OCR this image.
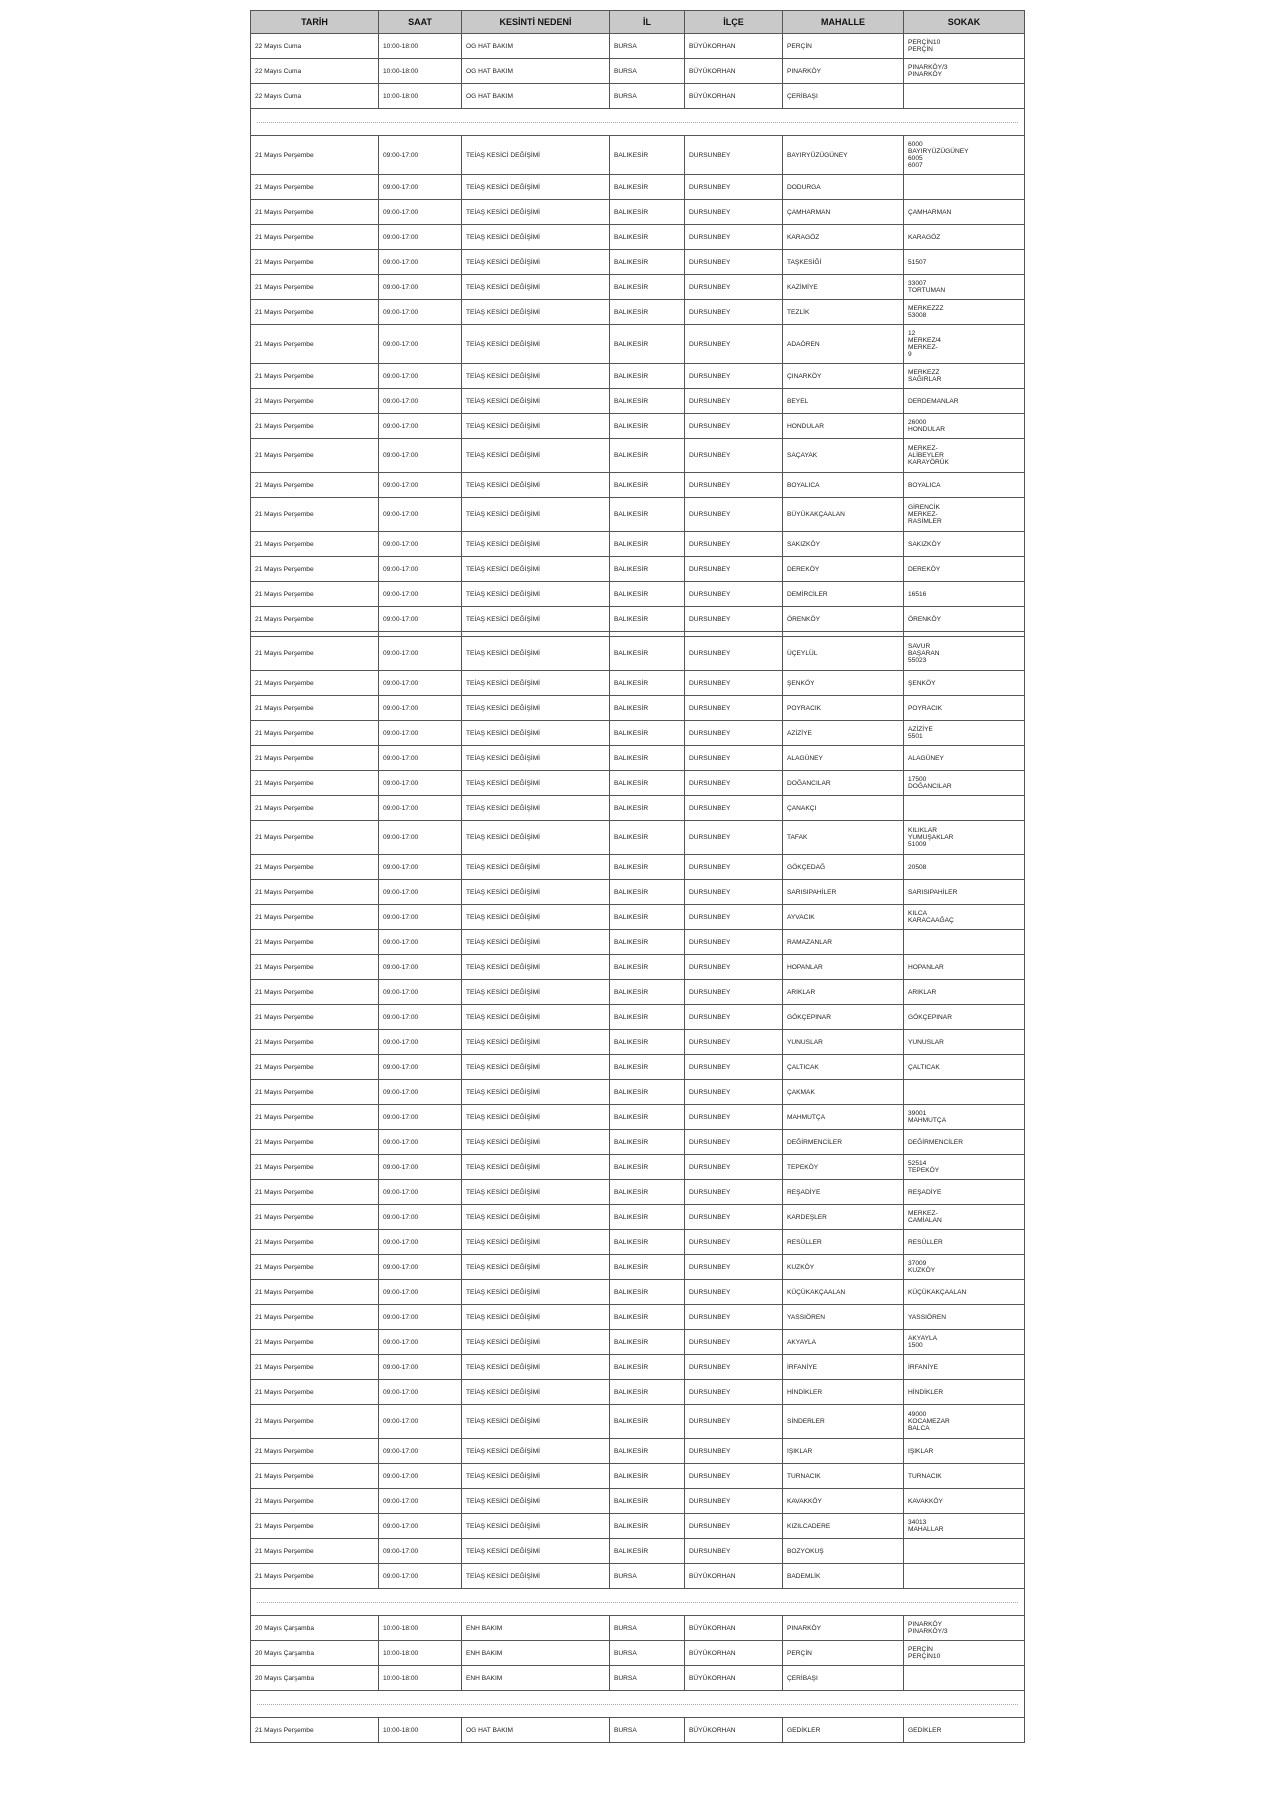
TARİH	SAAT	KESİNTİ NEDENİ	İL	İLÇE	MAHALLE	SOKAK
22 Mayıs Cuma	10:00-18:00	OG HAT BAKIM	BURSA	BÜYÜKORHAN	PERÇİN	PERÇİN10
PERÇİN

22 Mayıs Cuma	10:00-18:00	OG HAT BAKIM	BURSA	BÜYÜKORHAN	PINARKÖY	PINARKÖY/3
PINARKÖY

22 Mayıs Cuma	10:00-18:00	OG HAT BAKIM	BURSA	BÜYÜKORHAN	ÇERİBAŞI	

21 Mayıs Perşembe	09:00-17:00	TEİAŞ KESİCİ DEĞİŞİMİ	BALIKESİR	DURSUNBEY	BAYIRYÜZÜGÜNEY	6000
BAYIRYÜZÜGÜNEY
6005
6007

21 Mayıs Perşembe	09:00-17:00	TEİAŞ KESİCİ DEĞİŞİMİ	BALIKESİR	DURSUNBEY	DODURGA	
21 Mayıs Perşembe	09:00-17:00	TEİAŞ KESİCİ DEĞİŞİMİ	BALIKESİR	DURSUNBEY	ÇAMHARMAN	ÇAMHARMAN

21 Mayıs Perşembe	09:00-17:00	TEİAŞ KESİCİ DEĞİŞİMİ	BALIKESİR	DURSUNBEY	KARAGÖZ	KARAGÖZ

21 Mayıs Perşembe	09:00-17:00	TEİAŞ KESİCİ DEĞİŞİMİ	BALIKESİR	DURSUNBEY	TAŞKESİĞİ	51507

21 Mayıs Perşembe	09:00-17:00	TEİAŞ KESİCİ DEĞİŞİMİ	BALIKESİR	DURSUNBEY	KAZİMİYE	33007
TORTUMAN

21 Mayıs Perşembe	09:00-17:00	TEİAŞ KESİCİ DEĞİŞİMİ	BALIKESİR	DURSUNBEY	TEZLİK	MERKEZZZ
53008

21 Mayıs Perşembe	09:00-17:00	TEİAŞ KESİCİ DEĞİŞİMİ	BALIKESİR	DURSUNBEY	ADAÖREN	12
MERKEZ/4
MERKEZ-
9

21 Mayıs Perşembe	09:00-17:00	TEİAŞ KESİCİ DEĞİŞİMİ	BALIKESİR	DURSUNBEY	ÇINARKÖY	MERKEZZ
SAĞIRLAR

21 Mayıs Perşembe	09:00-17:00	TEİAŞ KESİCİ DEĞİŞİMİ	BALIKESİR	DURSUNBEY	BEYEL	DERDEMANLAR

21 Mayıs Perşembe	09:00-17:00	TEİAŞ KESİCİ DEĞİŞİMİ	BALIKESİR	DURSUNBEY	HONDULAR	26000
HONDULAR

21 Mayıs Perşembe	09:00-17:00	TEİAŞ KESİCİ DEĞİŞİMİ	BALIKESİR	DURSUNBEY	SAÇAYAK	MERKEZ-
ALİBEYLER
KARAYÖRÜK

21 Mayıs Perşembe	09:00-17:00	TEİAŞ KESİCİ DEĞİŞİMİ	BALIKESİR	DURSUNBEY	BOYALICA	BOYALICA

21 Mayıs Perşembe	09:00-17:00	TEİAŞ KESİCİ DEĞİŞİMİ	BALIKESİR	DURSUNBEY	BÜYÜKAKÇAALAN	GİRENCİK
MERKEZ-
RASİMLER

21 Mayıs Perşembe	09:00-17:00	TEİAŞ KESİCİ DEĞİŞİMİ	BALIKESİR	DURSUNBEY	SAKIZKÖY	SAKIZKÖY

21 Mayıs Perşembe	09:00-17:00	TEİAŞ KESİCİ DEĞİŞİMİ	BALIKESİR	DURSUNBEY	DEREKÖY	DEREKÖY

21 Mayıs Perşembe	09:00-17:00	TEİAŞ KESİCİ DEĞİŞİMİ	BALIKESİR	DURSUNBEY	DEMİRCİLER	16516

21 Mayıs Perşembe	09:00-17:00	TEİAŞ KESİCİ DEĞİŞİMİ	BALIKESİR	DURSUNBEY	ÖRENKÖY	ÖRENKÖY

21 Mayıs Perşembe	09:00-17:00	TEİAŞ KESİCİ DEĞİŞİMİ	BALIKESİR	DURSUNBEY	ÜÇEYLÜL	SAVUR
BAŞARAN
55023

21 Mayıs Perşembe	09:00-17:00	TEİAŞ KESİCİ DEĞİŞİMİ	BALIKESİR	DURSUNBEY	ŞENKÖY	ŞENKÖY

21 Mayıs Perşembe	09:00-17:00	TEİAŞ KESİCİ DEĞİŞİMİ	BALIKESİR	DURSUNBEY	POYRACIK	POYRACIK

21 Mayıs Perşembe	09:00-17:00	TEİAŞ KESİCİ DEĞİŞİMİ	BALIKESİR	DURSUNBEY	AZİZİYE	AZİZİYE
5501

21 Mayıs Perşembe	09:00-17:00	TEİAŞ KESİCİ DEĞİŞİMİ	BALIKESİR	DURSUNBEY	ALAGÜNEY	ALAGÜNEY

21 Mayıs Perşembe	09:00-17:00	TEİAŞ KESİCİ DEĞİŞİMİ	BALIKESİR	DURSUNBEY	DOĞANCILAR	17500
DOĞANCILAR

21 Mayıs Perşembe	09:00-17:00	TEİAŞ KESİCİ DEĞİŞİMİ	BALIKESİR	DURSUNBEY	ÇANAKÇI	
21 Mayıs Perşembe	09:00-17:00	TEİAŞ KESİCİ DEĞİŞİMİ	BALIKESİR	DURSUNBEY	TAFAK	KILIKLAR
YUMUŞAKLAR
51009

21 Mayıs Perşembe	09:00-17:00	TEİAŞ KESİCİ DEĞİŞİMİ	BALIKESİR	DURSUNBEY	GÖKÇEDAĞ	20508

21 Mayıs Perşembe	09:00-17:00	TEİAŞ KESİCİ DEĞİŞİMİ	BALIKESİR	DURSUNBEY	SARISIPAHİLER	SARISIPAHİLER

21 Mayıs Perşembe	09:00-17:00	TEİAŞ KESİCİ DEĞİŞİMİ	BALIKESİR	DURSUNBEY	AYVACIK	KILCA
KARACAAĞAÇ

21 Mayıs Perşembe	09:00-17:00	TEİAŞ KESİCİ DEĞİŞİMİ	BALIKESİR	DURSUNBEY	RAMAZANLAR	
21 Mayıs Perşembe	09:00-17:00	TEİAŞ KESİCİ DEĞİŞİMİ	BALIKESİR	DURSUNBEY	HOPANLAR	HOPANLAR

21 Mayıs Perşembe	09:00-17:00	TEİAŞ KESİCİ DEĞİŞİMİ	BALIKESİR	DURSUNBEY	ARIKLAR	ARIKLAR

21 Mayıs Perşembe	09:00-17:00	TEİAŞ KESİCİ DEĞİŞİMİ	BALIKESİR	DURSUNBEY	GÖKÇEPINAR	GÖKÇEPINAR

21 Mayıs Perşembe	09:00-17:00	TEİAŞ KESİCİ DEĞİŞİMİ	BALIKESİR	DURSUNBEY	YUNUSLAR	YUNUSLAR

21 Mayıs Perşembe	09:00-17:00	TEİAŞ KESİCİ DEĞİŞİMİ	BALIKESİR	DURSUNBEY	ÇALTICAK	ÇALTICAK

21 Mayıs Perşembe	09:00-17:00	TEİAŞ KESİCİ DEĞİŞİMİ	BALIKESİR	DURSUNBEY	ÇAKMAK	
21 Mayıs Perşembe	09:00-17:00	TEİAŞ KESİCİ DEĞİŞİMİ	BALIKESİR	DURSUNBEY	MAHMUTÇA	39001
MAHMUTÇA

21 Mayıs Perşembe	09:00-17:00	TEİAŞ KESİCİ DEĞİŞİMİ	BALIKESİR	DURSUNBEY	DEĞİRMENCİLER	DEĞİRMENCİLER

21 Mayıs Perşembe	09:00-17:00	TEİAŞ KESİCİ DEĞİŞİMİ	BALIKESİR	DURSUNBEY	TEPEKÖY	52514
TEPEKÖY

21 Mayıs Perşembe	09:00-17:00	TEİAŞ KESİCİ DEĞİŞİMİ	BALIKESİR	DURSUNBEY	REŞADİYE	REŞADİYE

21 Mayıs Perşembe	09:00-17:00	TEİAŞ KESİCİ DEĞİŞİMİ	BALIKESİR	DURSUNBEY	KARDEŞLER	MERKEZ-
CAMİALAN

21 Mayıs Perşembe	09:00-17:00	TEİAŞ KESİCİ DEĞİŞİMİ	BALIKESİR	DURSUNBEY	RESÜLLER	RESÜLLER

21 Mayıs Perşembe	09:00-17:00	TEİAŞ KESİCİ DEĞİŞİMİ	BALIKESİR	DURSUNBEY	KUZKÖY	37009
KUZKÖY

21 Mayıs Perşembe	09:00-17:00	TEİAŞ KESİCİ DEĞİŞİMİ	BALIKESİR	DURSUNBEY	KÜÇÜKAKÇAALAN	KÜÇÜKAKÇAALAN

21 Mayıs Perşembe	09:00-17:00	TEİAŞ KESİCİ DEĞİŞİMİ	BALIKESİR	DURSUNBEY	YASSIÖREN	YASSIÖREN

21 Mayıs Perşembe	09:00-17:00	TEİAŞ KESİCİ DEĞİŞİMİ	BALIKESİR	DURSUNBEY	AKYAYLA	AKYAYLA
1500

21 Mayıs Perşembe	09:00-17:00	TEİAŞ KESİCİ DEĞİŞİMİ	BALIKESİR	DURSUNBEY	İRFANİYE	İRFANİYE

21 Mayıs Perşembe	09:00-17:00	TEİAŞ KESİCİ DEĞİŞİMİ	BALIKESİR	DURSUNBEY	HİNDİKLER	HİNDİKLER

21 Mayıs Perşembe	09:00-17:00	TEİAŞ KESİCİ DEĞİŞİMİ	BALIKESİR	DURSUNBEY	SİNDERLER	49000
KOCAMEZAR
BALCA

21 Mayıs Perşembe	09:00-17:00	TEİAŞ KESİCİ DEĞİŞİMİ	BALIKESİR	DURSUNBEY	IŞIKLAR	IŞIKLAR

21 Mayıs Perşembe	09:00-17:00	TEİAŞ KESİCİ DEĞİŞİMİ	BALIKESİR	DURSUNBEY	TURNACIK	TURNACIK

21 Mayıs Perşembe	09:00-17:00	TEİAŞ KESİCİ DEĞİŞİMİ	BALIKESİR	DURSUNBEY	KAVAKKÖY	KAVAKKÖY

21 Mayıs Perşembe	09:00-17:00	TEİAŞ KESİCİ DEĞİŞİMİ	BALIKESİR	DURSUNBEY	KIZILCADERE	34013
MAHALLAR

21 Mayıs Perşembe	09:00-17:00	TEİAŞ KESİCİ DEĞİŞİMİ	BALIKESİR	DURSUNBEY	BOZYOKUŞ	
21 Mayıs Perşembe	09:00-17:00	TEİAŞ KESİCİ DEĞİŞİMİ	BURSA	BÜYÜKORHAN	BADEMLİK	

20 Mayıs Çarşamba	10:00-18:00	ENH BAKIM	BURSA	BÜYÜKORHAN	PINARKÖY	PINARKÖY
PINARKÖY/3

20 Mayıs Çarşamba	10:00-18:00	ENH BAKIM	BURSA	BÜYÜKORHAN	PERÇİN	PERÇİN
PERÇİN10

20 Mayıs Çarşamba	10:00-18:00	ENH BAKIM	BURSA	BÜYÜKORHAN	ÇERİBAŞI	

21 Mayıs Perşembe	10:00-18:00	OG HAT BAKIM	BURSA	BÜYÜKORHAN	GEDİKLER	GEDİKLER
